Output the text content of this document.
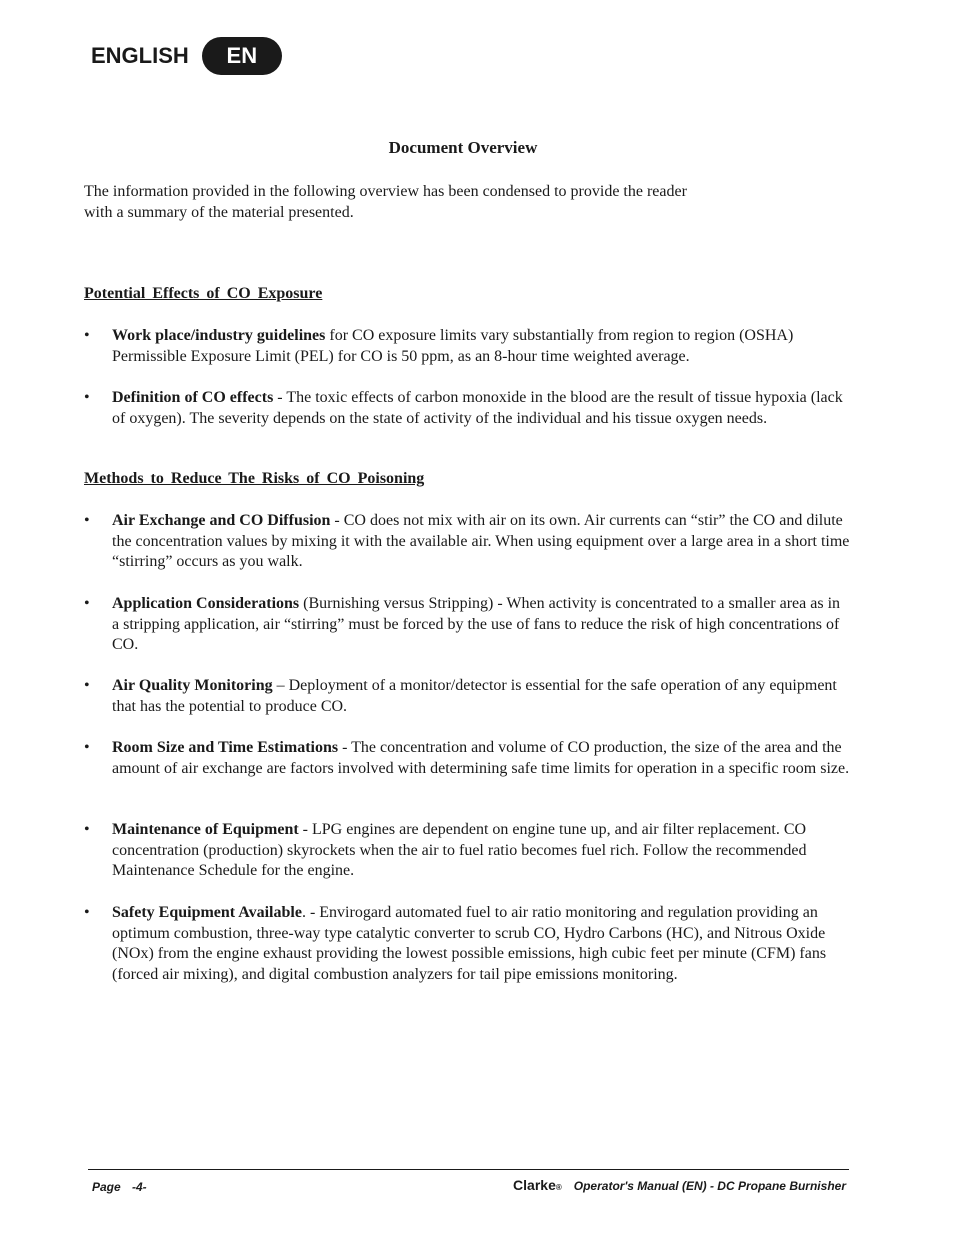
ENGLISH	EN
Document Overview

The information provided in the following overview has been condensed to provide the reader with a summary of the material presented.

Potential Effects of CO Exposure

• Work place/industry guidelines for CO exposure limits vary substantially from region to region (OSHA) Permissible Exposure Limit (PEL) for CO is 50 ppm, as an 8-hour time weighted average.
• Definition of CO effects - The toxic effects of carbon monoxide in the blood are the result of tissue hypoxia (lack of oxygen). The severity depends on the state of activity of the individual and his tissue oxygen needs.

Methods to Reduce The Risks of CO Poisoning

• Air Exchange and CO Diffusion - CO does not mix with air on its own. Air currents can “stir” the CO and dilute the concentration values by mixing it with the available air. When using equipment over a large area in a short time “stirring” occurs as you walk.
• Application Considerations (Burnishing versus Stripping) - When activity is concentrated to a smaller area as in a stripping application, air “stirring” must be forced by the use of fans to reduce the risk of high concentrations of CO.
• Air Quality Monitoring – Deployment of a monitor/detector is essential for the safe operation of any equipment that has the potential to produce CO.
• Room Size and Time Estimations - The concentration and volume of CO production, the size of the area and the amount of air exchange are factors involved with determining safe time limits for operation in a specific room size.
• Maintenance of Equipment - LPG engines are dependent on engine tune up, and air filter replacement. CO concentration (production) skyrockets when the air to fuel ratio becomes fuel rich. Follow the recommended Maintenance Schedule for the engine.
• Safety Equipment Available. - Envirogard automated fuel to air ratio monitoring and regulation providing an optimum combustion, three-way type catalytic converter to scrub CO, Hydro Carbons (HC), and Nitrous Oxide (NOx) from the engine exhaust providing the lowest possible emissions, high cubic feet per minute (CFM) fans (forced air mixing), and digital combustion analyzers for tail pipe emissions monitoring.
Page -4-	Clarke ® Operator's Manual (EN) - DC Propane Burnisher
